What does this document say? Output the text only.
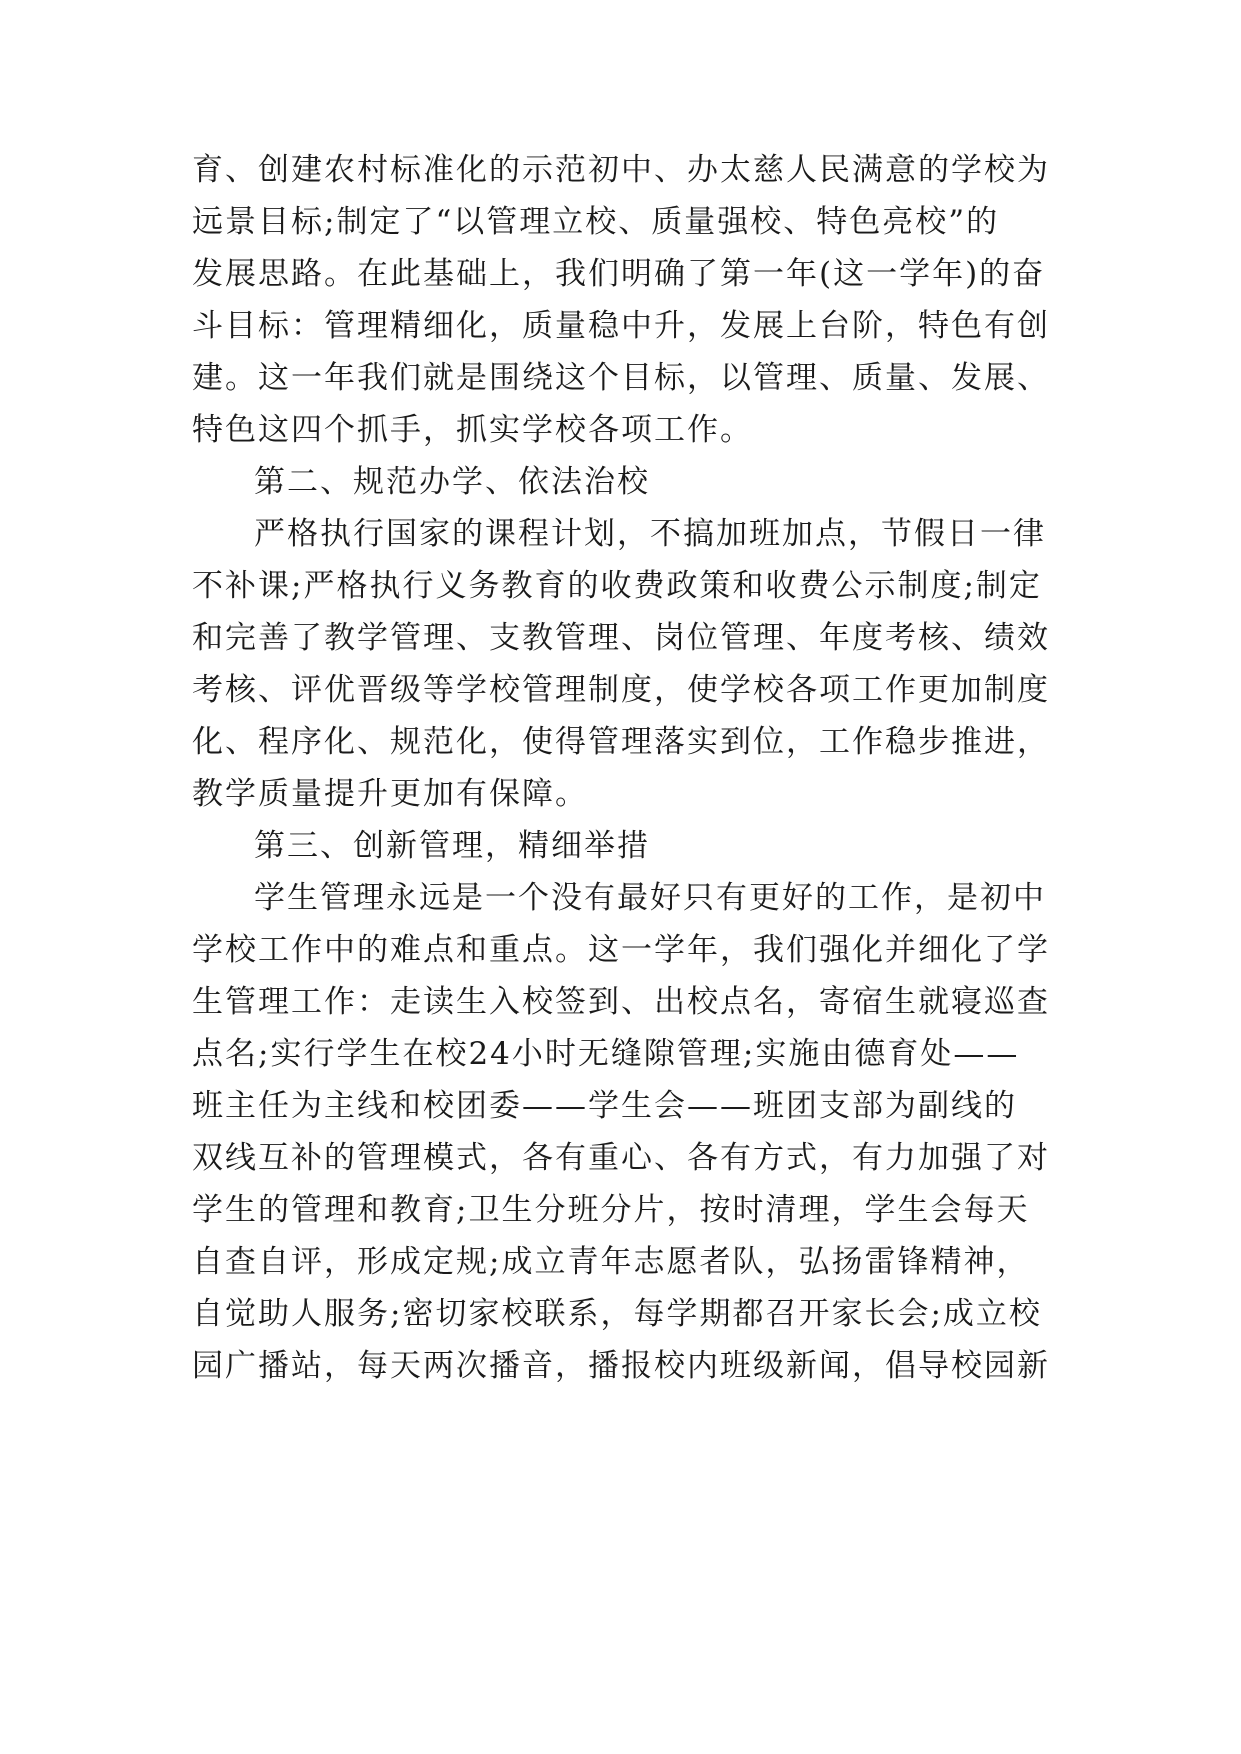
育、创建农村标准化的示范初中、办太慈人民满意的学校为
远景目标;制定了“以管理立校、质量强校、特色亮校”的
发展思路。在此基础上，我们明确了第一年(这一学年)的奋
斗目标：管理精细化，质量稳中升，发展上台阶，特色有创
建。这一年我们就是围绕这个目标，以管理、质量、发展、
特色这四个抓手，抓实学校各项工作。
第二、规范办学、依法治校
严格执行国家的课程计划，不搞加班加点，节假日一律
不补课;严格执行义务教育的收费政策和收费公示制度;制定
和完善了教学管理、支教管理、岗位管理、年度考核、绩效
考核、评优晋级等学校管理制度，使学校各项工作更加制度
化、程序化、规范化，使得管理落实到位，工作稳步推进，
教学质量提升更加有保障。
第三、创新管理，精细举措
学生管理永远是一个没有最好只有更好的工作，是初中
学校工作中的难点和重点。这一学年，我们强化并细化了学
生管理工作：走读生入校签到、出校点名，寄宿生就寝巡查
点名;实行学生在校24小时无缝隙管理;实施由德育处——
班主任为主线和校团委——学生会——班团支部为副线的
双线互补的管理模式，各有重心、各有方式，有力加强了对
学生的管理和教育;卫生分班分片，按时清理，学生会每天
自查自评，形成定规;成立青年志愿者队，弘扬雷锋精神，
自觉助人服务;密切家校联系，每学期都召开家长会;成立校
园广播站，每天两次播音，播报校内班级新闻，倡导校园新
